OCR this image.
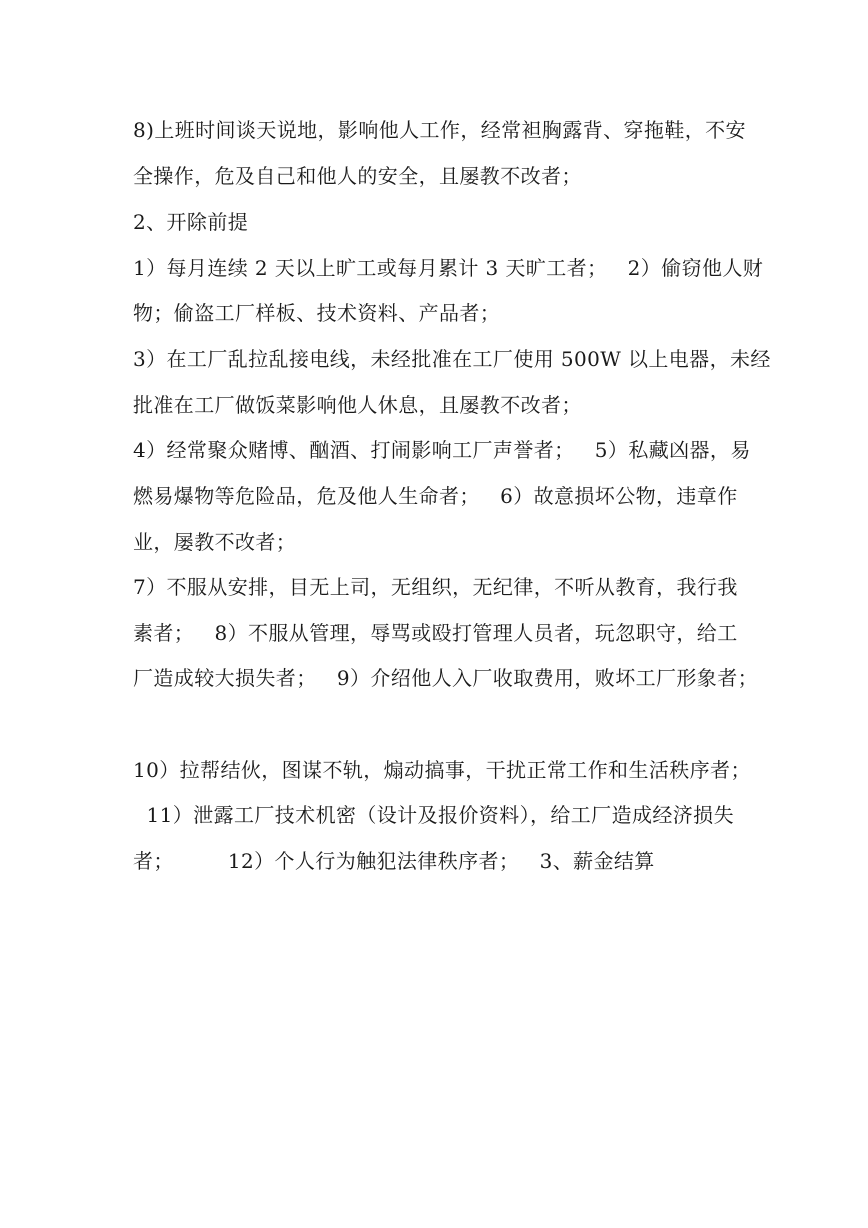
8)上班时间谈天说地，影响他人工作，经常袒胸露背、穿拖鞋，不安
全操作，危及自己和他人的安全，且屡教不改者；
2、开除前提
1）每月连续 2 天以上旷工或每月累计 3 天旷工者；   2）偷窃他人财
物；偷盗工厂样板、技术资料、产品者；
3）在工厂乱拉乱接电线，未经批准在工厂使用 500W 以上电器，未经
批准在工厂做饭菜影响他人休息，且屡教不改者；
4）经常聚众赌博、酗酒、打闹影响工厂声誉者；   5）私藏凶器，易
燃易爆物等危险品，危及他人生命者；   6）故意损坏公物，违章作
业，屡教不改者；
7）不服从安排，目无上司，无组织，无纪律，不听从教育，我行我
素者；   8）不服从管理，辱骂或殴打管理人员者，玩忽职守，给工
厂造成较大损失者；   9）介绍他人入厂收取费用，败坏工厂形象者；
10）拉帮结伙，图谋不轨，煽动搞事，干扰正常工作和生活秩序者；
11）泄露工厂技术机密（设计及报价资料），给工厂造成经济损失
者；        12）个人行为触犯法律秩序者；   3、薪金结算
